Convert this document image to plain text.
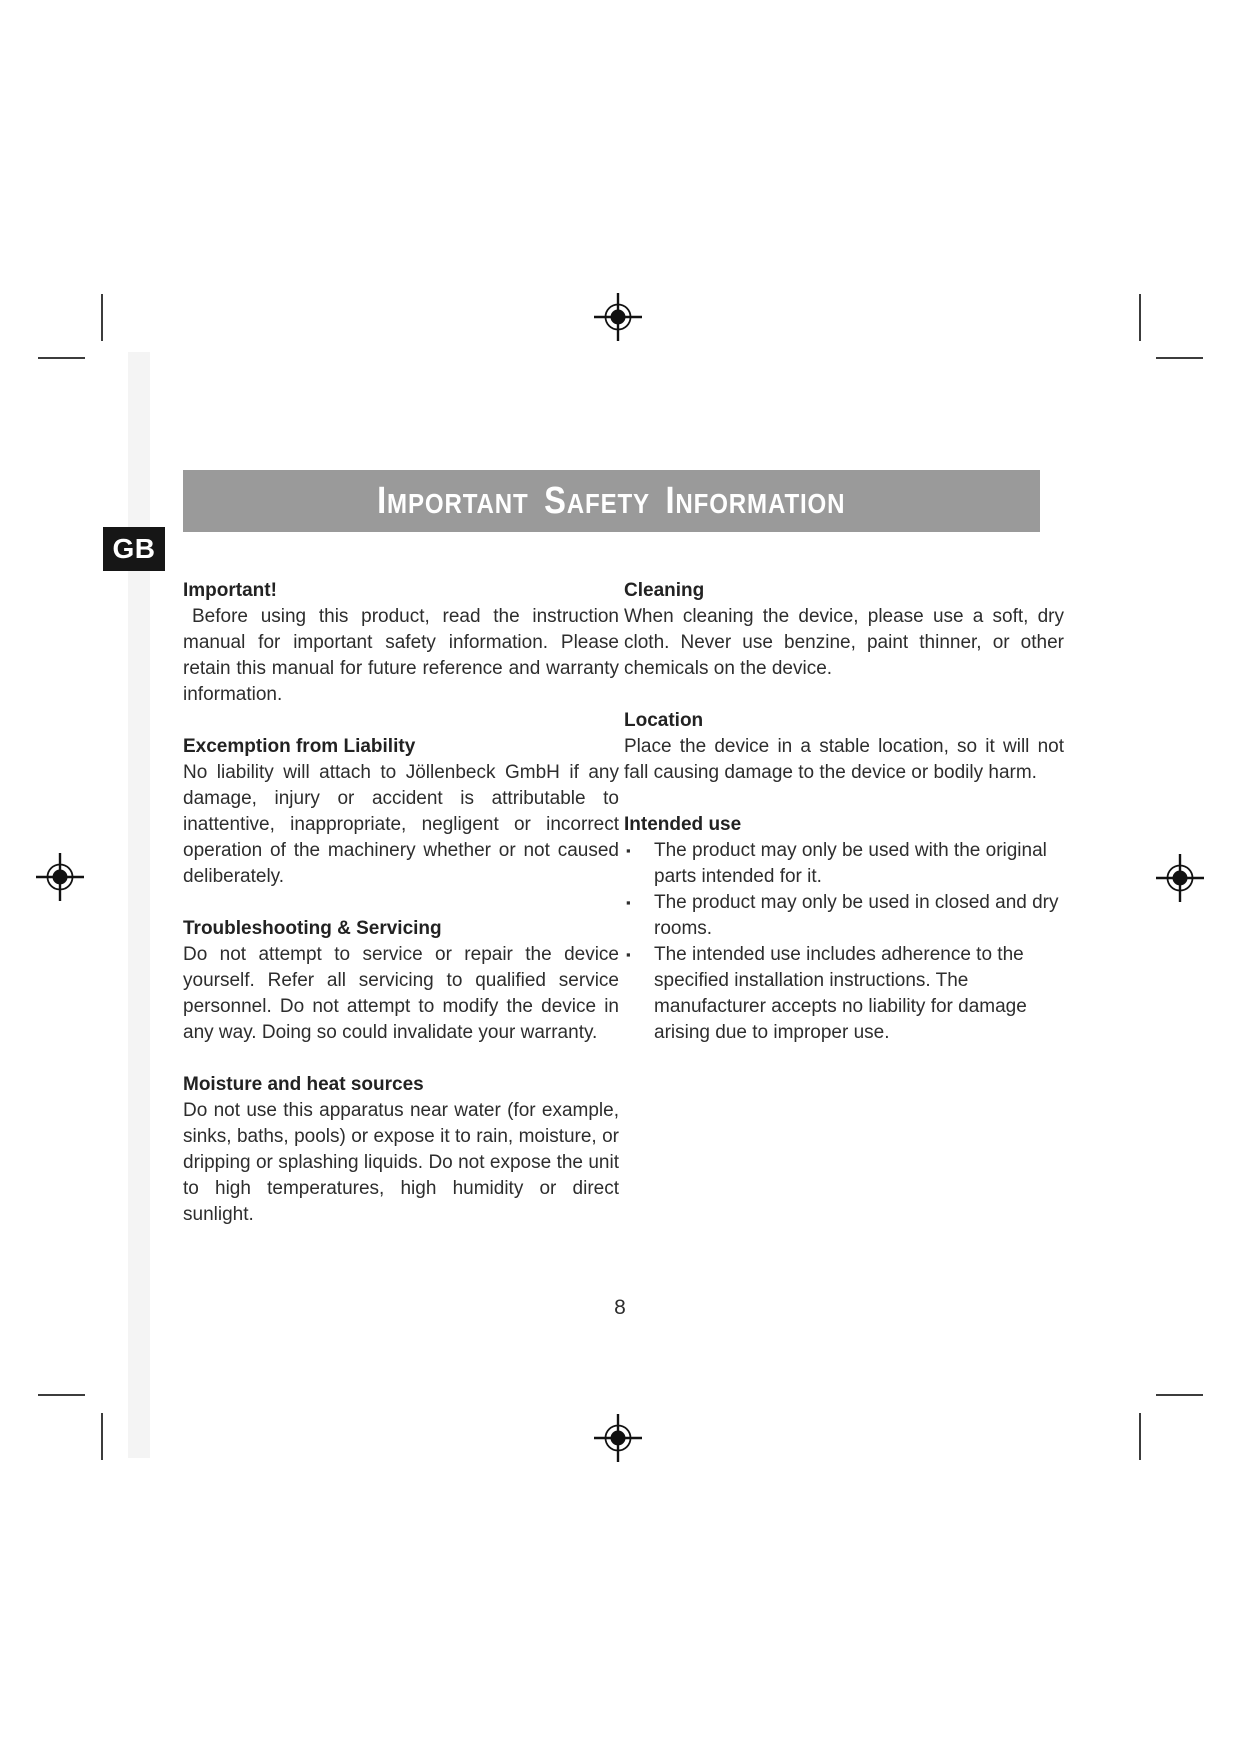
IMPORTANT SAFETY INFORMATION
GB

Important!

Before using this product, read the instruction manual for important safety information. Please retain this manual for future reference and warranty information.

Excemption from Liability

No liability will attach to Jöllenbeck GmbH if any damage, injury or accident is attributable to inattentive, inappropriate, negligent or incorrect operation of the machinery whether or not caused deliberately.

Troubleshooting & Servicing

Do not attempt to service or repair the device yourself. Refer all servicing to qualified service personnel. Do not attempt to modify the device in any way. Doing so could invalidate your warranty.

Moisture and heat sources

Do not use this apparatus near water (for example, sinks, baths, pools) or expose it to rain, moisture, or dripping or splashing liquids. Do not expose the unit to high temperatures, high humidity or direct sunlight.

Cleaning

When cleaning the device, please use a soft, dry cloth. Never use benzine, paint thinner, or other chemicals on the device.

Location

Place the device in a stable location, so it will not fall causing damage to the device or bodily harm.

Intended use

▪	The product may only be used with the original parts intended for it.
▪	The product may only be used in closed and dry rooms.
▪	The intended use includes adherence to the specified installation instructions. The manufacturer accepts no liability for damage arising due to improper use.
8
